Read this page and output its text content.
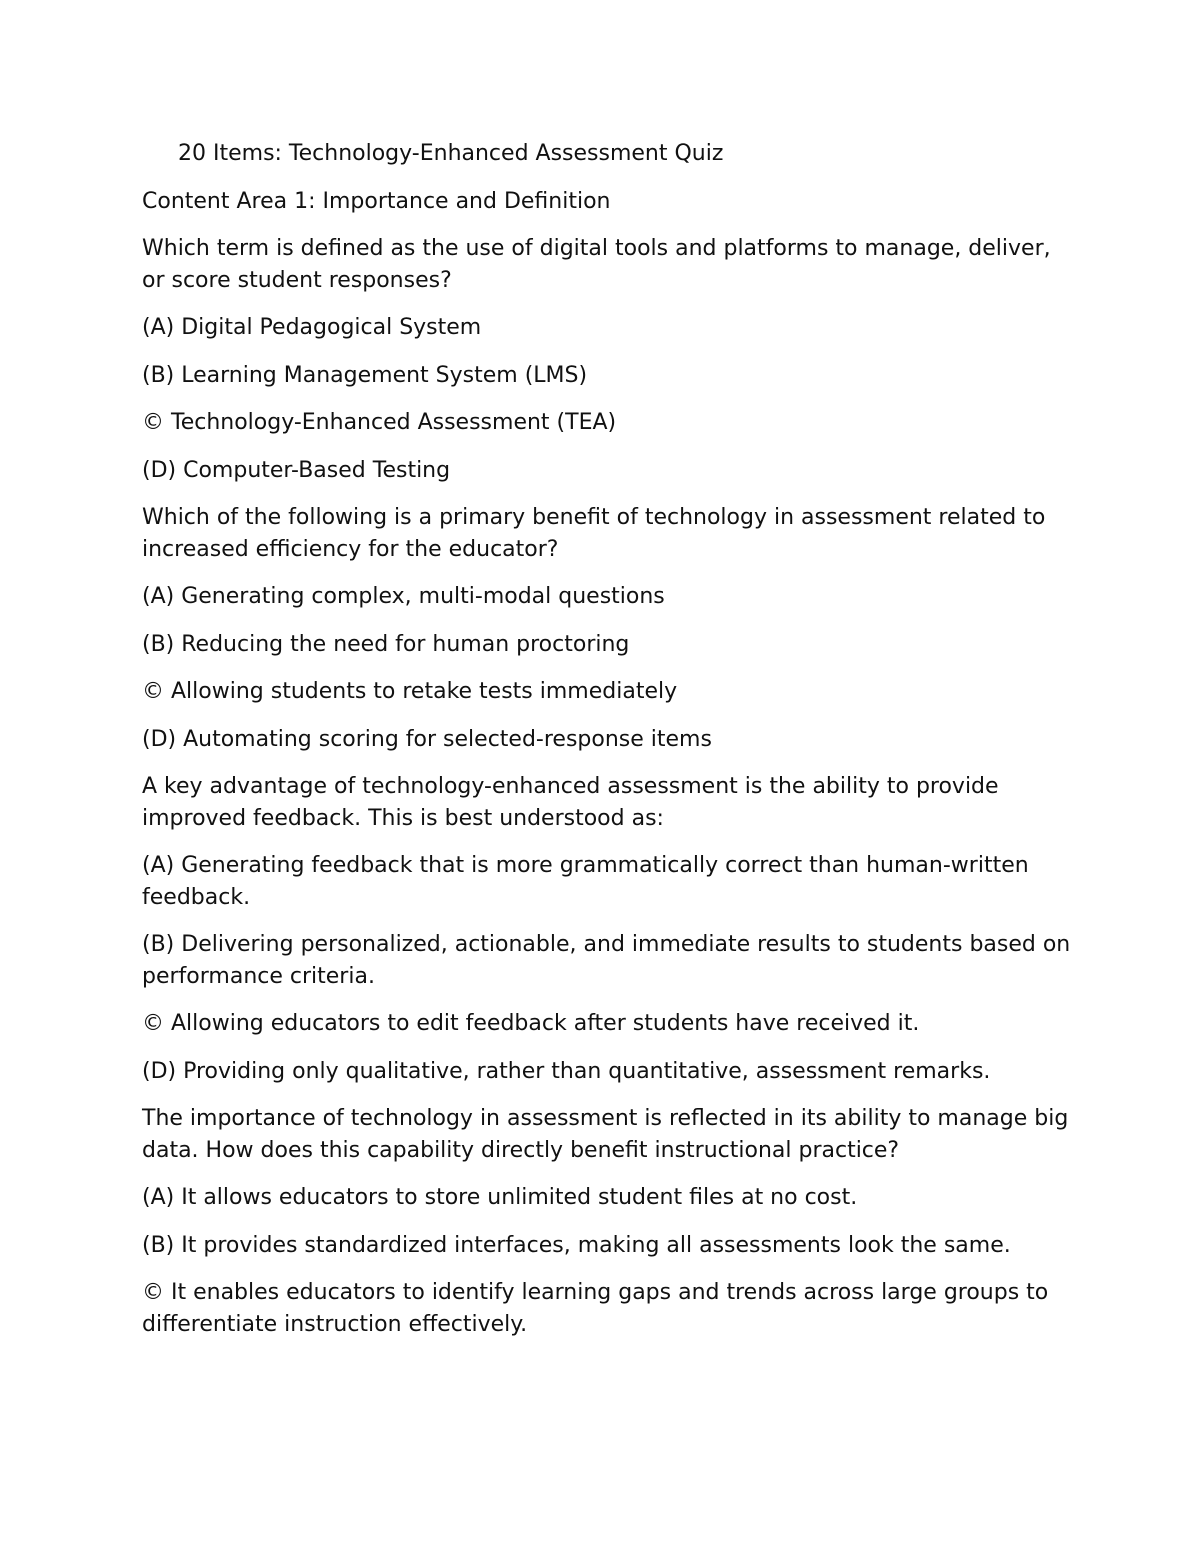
20 Items: Technology-Enhanced Assessment Quiz

Content Area 1: Importance and Definition

Which term is defined as the use of digital tools and platforms to manage, deliver, or score student responses?

(A) Digital Pedagogical System

(B) Learning Management System (LMS)

© Technology-Enhanced Assessment (TEA)

(D) Computer-Based Testing

Which of the following is a primary benefit of technology in assessment related to increased efficiency for the educator?

(A) Generating complex, multi-modal questions

(B) Reducing the need for human proctoring

© Allowing students to retake tests immediately

(D) Automating scoring for selected-response items

A key advantage of technology-enhanced assessment is the ability to provide improved feedback. This is best understood as:

(A) Generating feedback that is more grammatically correct than human-written feedback.

(B) Delivering personalized, actionable, and immediate results to students based on performance criteria.

© Allowing educators to edit feedback after students have received it.

(D) Providing only qualitative, rather than quantitative, assessment remarks.

The importance of technology in assessment is reflected in its ability to manage big data. How does this capability directly benefit instructional practice?

(A) It allows educators to store unlimited student files at no cost.

(B) It provides standardized interfaces, making all assessments look the same.

© It enables educators to identify learning gaps and trends across large groups to differentiate instruction effectively.
